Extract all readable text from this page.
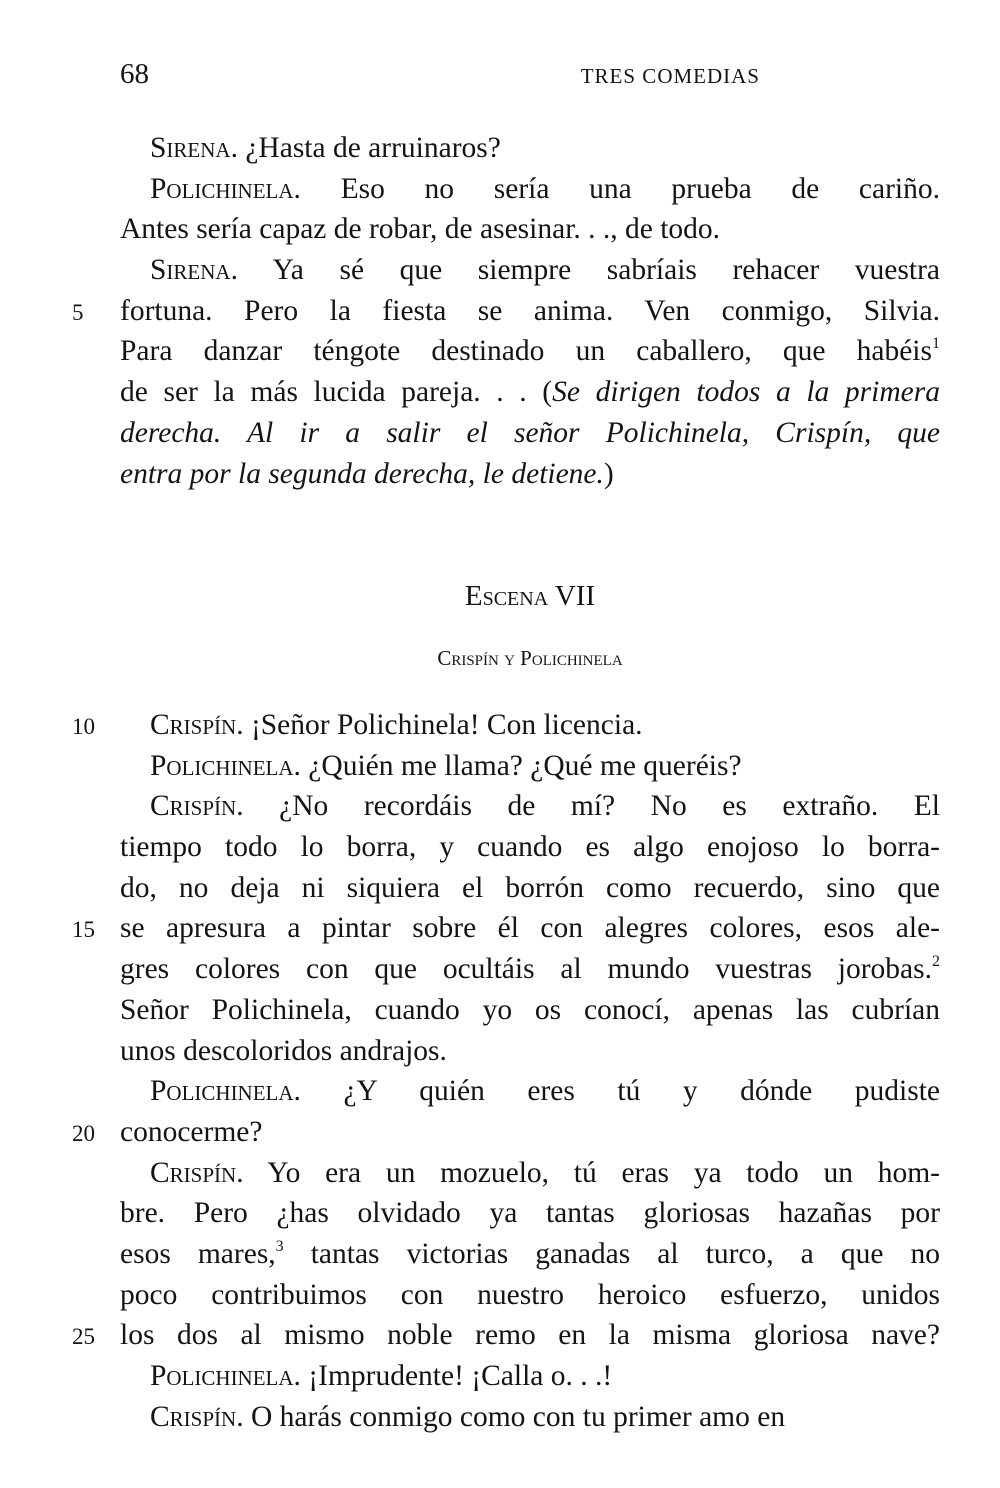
68	TRES COMEDIAS
Sirena. ¿Hasta de arruinaros?
Polichinela. Eso no sería una prueba de cariño.
Antes sería capaz de robar, de asesinar. . ., de todo.
Sirena. Ya sé que siempre sabríais rehacer vuestra
5	fortuna. Pero la fiesta se anima. Ven conmigo, Silvia.
Para danzar téngote destinado un caballero, que habéis$^1$
de ser la más lucida pareja. . . (Se dirigen todos a la primera
derecha. Al ir a salir el señor Polichinela, Crispín, que
entra por la segunda derecha, le detiene.)
Escena VII
Crispín y Polichinela
10	Crispín. ¡Señor Polichinela! Con licencia.
Polichinela. ¿Quién me llama? ¿Qué me queréis?
Crispín. ¿No recordáis de mí? No es extraño. El
tiempo todo lo borra, y cuando es algo enojoso lo borra-
do, no deja ni siquiera el borrón como recuerdo, sino que
15 se apresura a pintar sobre él con alegres colores, esos ale-
gres colores con que ocultáis al mundo vuestras jorobas.$^2$
Señor Polichinela, cuando yo os conocí, apenas las cubrían
unos descoloridos andrajos.
Polichinela. ¿Y quién eres tú y dónde pudiste
20 conocerme?
Crispín. Yo era un mozuelo, tú eras ya todo un hom-
bre. Pero ¿has olvidado ya tantas gloriosas hazañas por
esos mares,$^3$ tantas victorias ganadas al turco, a que no
poco contribuimos con nuestro heroico esfuerzo, unidos
25 los dos al mismo noble remo en la misma gloriosa nave?
Polichinela. ¡Imprudente! ¡Calla o. . .!
Crispín. O harás conmigo como con tu primer amo en
